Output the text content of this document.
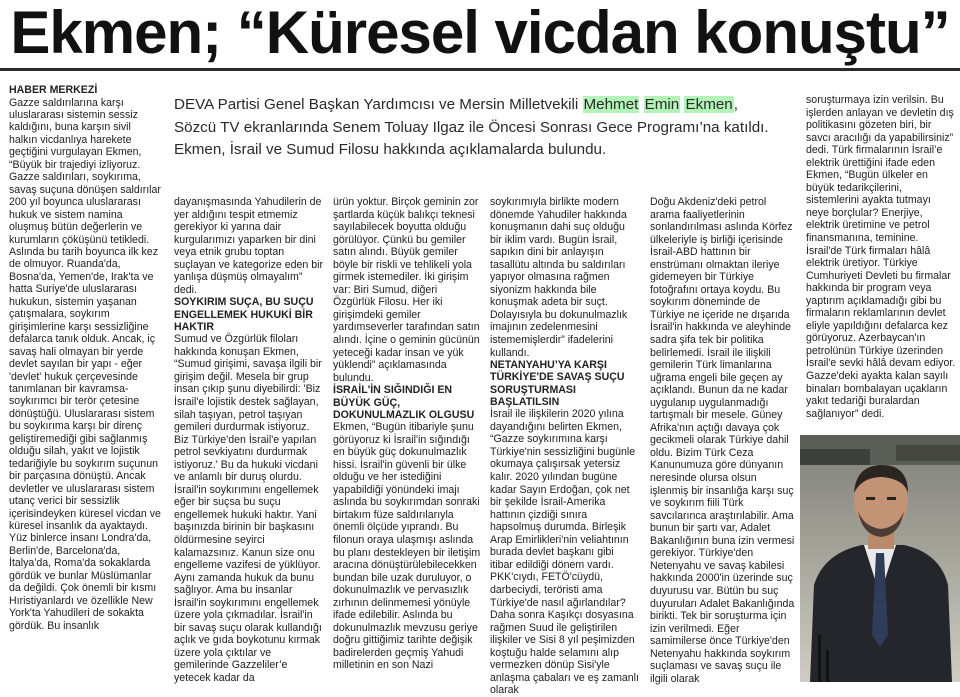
Ekmen; “Küresel vicdan konuştu”

HABER MERKEZİ

Gazze saldırılarına karşı uluslararası sistemin sessiz kaldığını, buna karşın sivil halkın vicdanlıya harekete geçtiğini vurgulayan Ekmen, “Büyük bir trajediyi izliyoruz. Gazze saldırıları, soykırıma, savaş suçuna dönüşen saldırılar 200 yıl boyunca uluslararası hukuk ve sistem namina oluşmuş bütün değerlerin ve kurumların çöküşünü tetikledi. Aslında bu tarih boyunca ilk kez de olmuyor. Ruanda'da, Bosna'da, Yemen'de, Irak'ta ve hatta Suriye'de uluslararası hukukun, sistemin yaşanan çatışmalara, soykırım girişimlerine karşı sessizliğine defalarca tanık olduk. Ancak, iç savaş hali olmayan bir yerde devlet sayılan bir yapı - eğer 'devlet' hukuk çerçevesinde tanımlanan bir kavramsa- soykırımcı bir terör çetesine dönüştüğü. Uluslararası sistem bu soykırıma karşı bir direnç geliştiremediği gibi sağlanmış olduğu silah, yakıt ve lojistik tedariğiyle bu soykırım suçunun bir parçasına dönüştü. Ancak devletler ve uluslararası sistem utanç verici bir sessizlik içerisindeyken küresel vicdan ve küresel insanlık da ayaktaydı. Yüz binlerce insanı Londra'da, Berlin'de, Barcelona'da, İtalya'da, Roma'da sokaklarda gördük ve bunlar Müslümanlar da değildi. Çok önemli bir kısmı Hıristiyanlardı ve özellikle New York'ta Yahudileri de sokakta gördük. Bu insanlık

DEVA Partisi Genel Başkan Yardımcısı ve Mersin Milletvekili Mehmet Emin Ekmen, Sözcü TV ekranlarında Senem Toluay Ilgaz ile Öncesi Sonrası Gece Programı’na katıldı. Ekmen, İsrail ve Sumud Filosu hakkında açıklamalarda bulundu.

dayanışmasında Yahudilerin de yer aldığını tespit etmemiz gerekiyor ki yarına dair kurgularımızı yaparken bir dini veya etnik grubu toptan suçlayan ve kategorize eden bir yanlışa düşmüş olmayalım” dedi.

SOYKIRIM SUÇA, BU SUÇU ENGELLEMEK HUKUKİ BİR HAKTIR

Sumud ve Özgürlük filoları hakkında konuşan Ekmen, “Sumud girişimi, savaşa ilgili bir girişim değil. Mesela bir grup insan çıkıp şunu diyebilirdi: 'Biz İsrail'e lojistik destek sağlayan, silah taşıyan, petrol taşıyan gemileri durdurmak istiyoruz. Biz Türkiye'den İsrail'e yapılan petrol sevkiyatını durdurmak istiyoruz.' Bu da hukuki vicdani ve anlamlı bir duruş olurdu. İsrail'in soykırımını engellemek eğer bir suçsa bu suçu engellemek hukuki haktır. Yani başınızda birinin bir başkasını öldürmesine seyirci kalamazsınız. Kanun size onu engelleme vazifesi de yüklüyor. Aynı zamanda hukuk da bunu sağlıyor. Ama bu insanlar İsrail'in soykırımını engellemek üzere yola çıkmadılar. İsrail'in bir savaş suçu olarak kullandığı açlık ve gıda boykotunu kırmak üzere yola çıktılar ve gemilerinde Gazzeliler’e yetecek kadar da

ürün yoktur. Birçok geminin zor şartlarda küçük balıkçı teknesi sayılabilecek boyutta olduğu görülüyor. Çünkü bu gemiler satın alındı. Büyük gemiler böyle bir riskli ve tehlikeli yola girmek istemediler. İki girişim var: Biri Sumud, diğeri Özgürlük Filosu. Her iki girişimdeki gemiler yardımseverler tarafından satın alındı. İçine o geminin gücünün yeteceği kadar insan ve yük yüklendi” açıklamasında bulundu.

İSRAİL'İN SIĞINDIĞI EN BÜYÜK GÜÇ, DOKUNULMAZLIK OLGUSU

Ekmen, “Bugün itibariyle şunu görüyoruz ki İsrail'in sığındığı en büyük güç dokunulmazlık hissi. İsrail'in güvenli bir ülke olduğu ve her istediğini yapabildiği yönündeki imajı aslında bu soykırımdan sonraki birtakım füze saldırılarıyla önemli ölçüde yıprandı. Bu filonun oraya ulaşmışı aslında bu planı destekleyen bir iletişim aracına dönüştürülebilecekken bundan bile uzak duruluyor, o dokunulmazlık ve pervasızlık zırhının delinmemesi yönüyle ifade edilebilir. Aslında bu dokunulmazlık mevzusu geriye doğru gittiğimiz tarihte değişik badirelerden geçmiş Yahudi milletinin en son Nazi

soykırımıyla birlikte modern dönemde Yahudiler hakkında konuşmanın dahi suç olduğu bir iklim vardı. Bugün İsrail, sapıkın dini bir anlayışın tasallütu altında bu saldırıları yapıyor olmasına rağmen siyonizm hakkında bile konuşmak adeta bir suçt. Dolayısıyla bu dokunulmazlık imajının zedelenmesini istememişlerdir” ifadelerini kullandı.

NETANYAHU’YA KARŞI TÜRKİYE'DE SAVAŞ SUÇU SORUŞTURMASI BAŞLATILSIN

İsrail ile ilişkilerin 2020 yılına dayandığını belirten Ekmen, “Gazze soykırımına karşı Türkiye'nin sessizliğini bugünle okumaya çalışırsak yetersiz kalır. 2020 yılından bugüne kadar Sayın Erdoğan, çok net bir şekilde İsrail-Amerika hattının çizdiği sınıra hapsolmuş durumda. Birleşik Arap Emirlikleri'nin veliahtının burada devlet başkanı gibi itibar edildiği dönem vardı. PKK'cıydı, FETÖ'cüydü, darbeciydi, teröristi ama Türkiye'de nasıl ağırlandılar? Daha sonra Kaşıkçı dosyasına rağmen Suud ile geliştirilen ilişkiler ve Sisi 8 yıl peşimizden koştuğu halde selamını alıp vermezken dönüp Sisi'yle anlaşma çabaları ve eş zamanlı olarak

Doğu Akdeniz'deki petrol arama faaliyetlerinin sonlandırılması aslında Körfez ülkeleriyle iş birliği içerisinde İsrail-ABD hattının bir enstrümanı olmaktan ileriye gidemeyen bir Türkiye fotoğrafını ortaya koydu. Bu soykırım döneminde de Türkiye ne içeride ne dışarıda İsrail'in hakkında ve aleyhinde sadra şifa tek bir politika belirlemedi. İsrail ile ilişkili gemilerin Türk limanlarına uğrama engeli bile geçen ay açıklandı. Bunun da ne kadar uygulanıp uygulanmadığı tartışmalı bir mesele. Güney Afrika'nın açtığı davaya çok gecikmeli olarak Türkiye dahil oldu. Bizim Türk Ceza Kanunumuza göre dünyanın neresinde olursa olsun işlenmiş bir insanlığa karşı suç ve soykırım fiili Türk savcılarınca araştırılabilir. Ama bunun bir şartı var, Adalet Bakanlığının buna izin vermesi gerekiyor. Türkiye'den Netenyahu ve savaş kabilesi hakkında 2000'in üzerinde suç duyurusu var. Bütün bu suç duyuruları Adalet Bakanlığında birikti. Tek bir soruşturma için izin verilmedi. Eğer samimilerse önce Türkiye'den Netenyahu hakkında soykırım suçlaması ve savaş suçu ile ilgili olarak

soruşturmaya izin verilsin. Bu işlerden anlayan ve devletin dış politikasını gözeten biri, bir savcı aracılığı da yapabilirsiniz” dedi. Türk firmalarının İsrail’e elektrik ürettiğini ifade eden Ekmen, “Bugün ülkeler en büyük tedarikçilerini, sistemlerini ayakta tutmayı neye borçlular? Enerjiye, elektrik üretimine ve petrol finansmanına, teminine. İsrail'de Türk firmaları hâlâ elektrik üretiyor. Türkiye Cumhuriyeti Devleti bu firmalar hakkında bir program veya yaptırım açıklamadığı gibi bu firmaların reklamlarının devlet eliyle yapıldığını defalarca kez görüyoruz. Azerbaycan'ın petrolünün Türkiye üzerinden İsrail'e sevki hâlâ devam ediyor. Gazze'deki ayakta kalan sayılı binaları bombalayan uçakların yakıt tedariği buralardan sağlanıyor” dedi.
